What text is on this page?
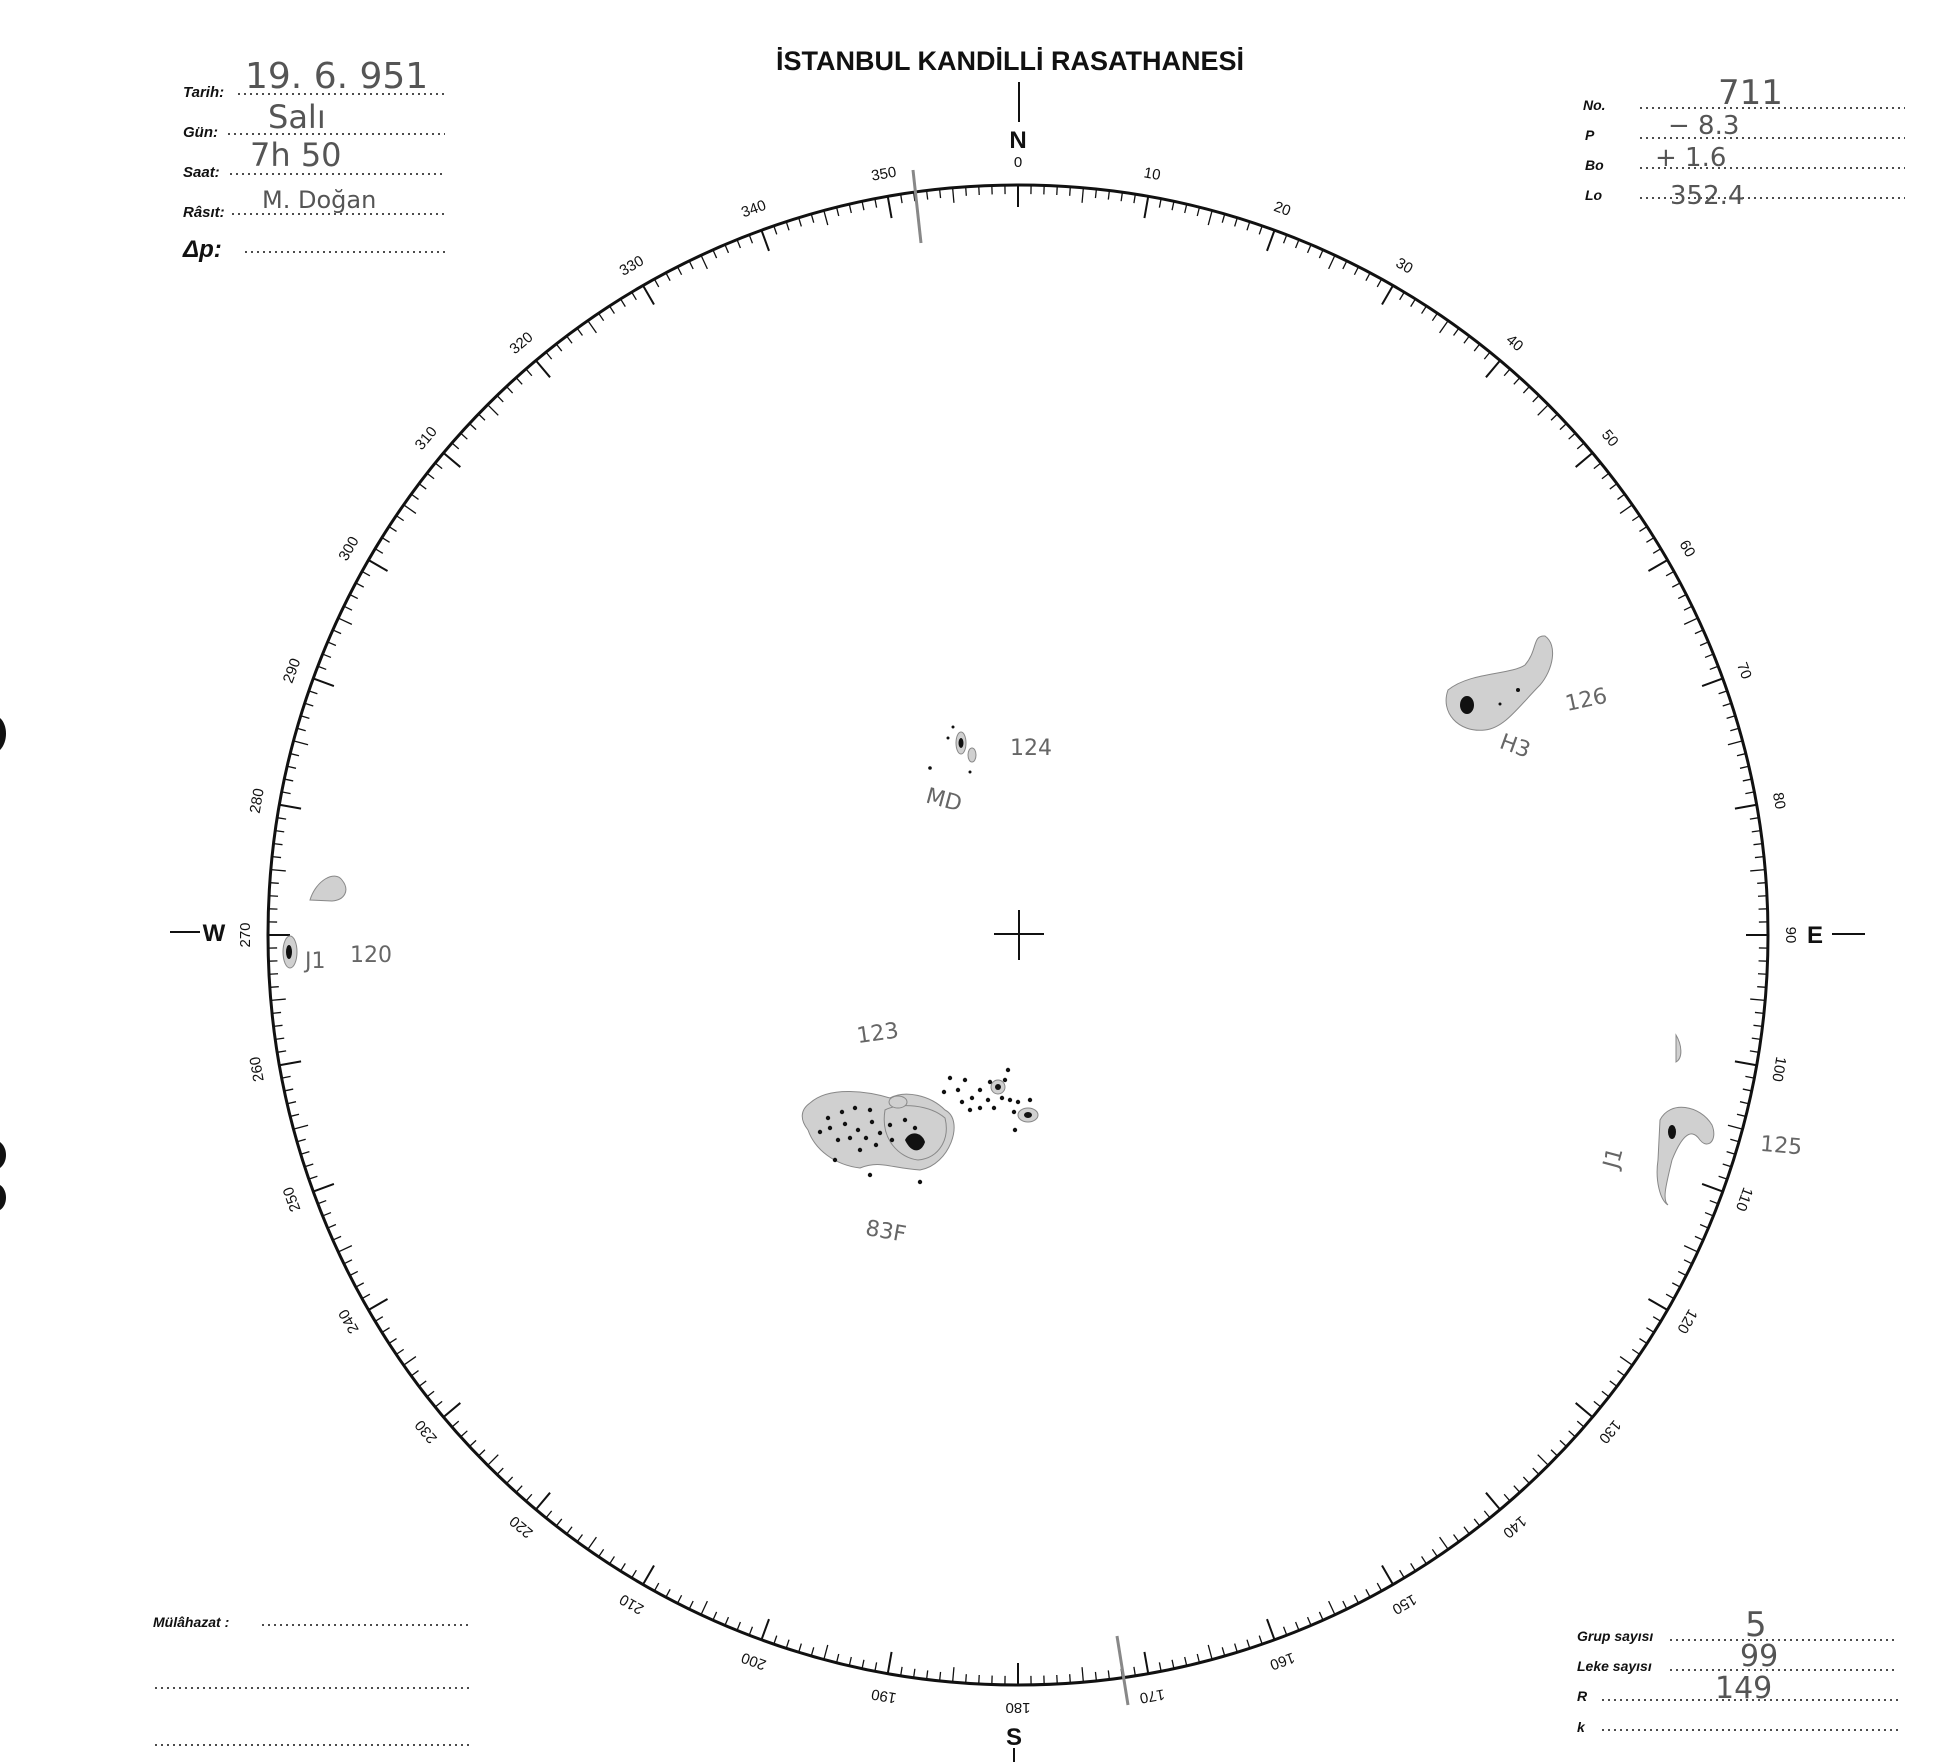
İSTANBUL KANDİLLİ RASATHANESİ
Tarih: 19. 6. 951
Gün: Salı
Saat: 7h 50
Râsıt: M. Doğan
Δp:
No.	711
P	− 8.3
Bo + 1.6
Lo	352.4
10
20
30
40
50
60
70
80
90
100
110
120
130
140
150
160
170
180
190
200
210
220
230
240
250
260
270
280
290
300
310
320
330
340
350
N
0
S
W	E
124
MD
126
H3
120
J1
123
83F
125
J1
Mülâhazat :
Grup sayısı	5
Leke sayısı	99
R	149
k
